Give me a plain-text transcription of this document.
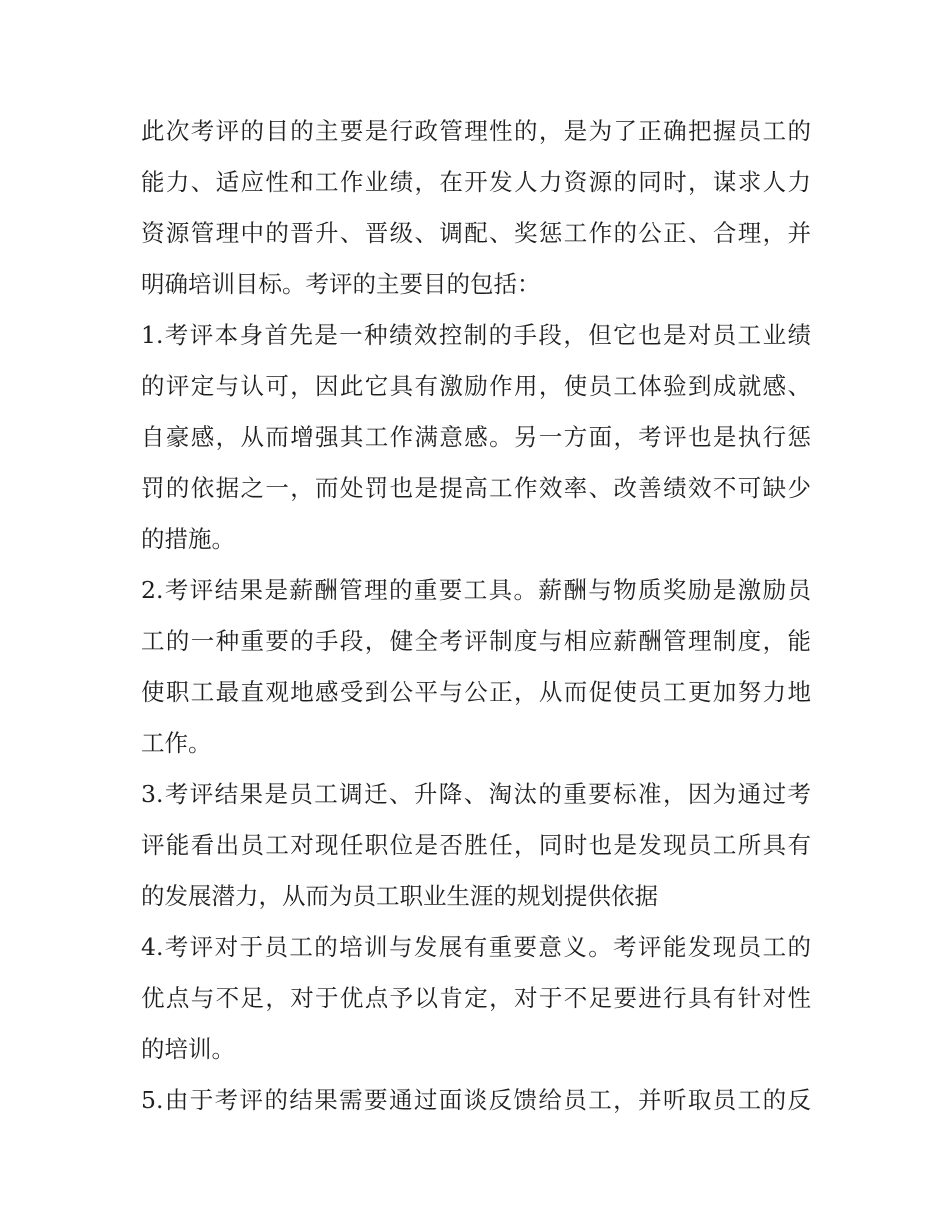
此次考评的目的主要是行政管理性的，是为了正确把握员工的
能力、适应性和工作业绩，在开发人力资源的同时，谋求人力
资源管理中的晋升、晋级、调配、奖惩工作的公正、合理，并
明确培训目标。考评的主要目的包括：
1.考评本身首先是一种绩效控制的手段，但它也是对员工业绩
的评定与认可，因此它具有激励作用，使员工体验到成就感、
自豪感，从而增强其工作满意感。另一方面，考评也是执行惩
罚的依据之一，而处罚也是提高工作效率、改善绩效不可缺少
的措施。
2.考评结果是薪酬管理的重要工具。薪酬与物质奖励是激励员
工的一种重要的手段，健全考评制度与相应薪酬管理制度，能
使职工最直观地感受到公平与公正，从而促使员工更加努力地
工作。
3.考评结果是员工调迁、升降、淘汰的重要标准，因为通过考
评能看出员工对现任职位是否胜任，同时也是发现员工所具有
的发展潜力，从而为员工职业生涯的规划提供依据
4.考评对于员工的培训与发展有重要意义。考评能发现员工的
优点与不足，对于优点予以肯定，对于不足要进行具有针对性
的培训。
5.由于考评的结果需要通过面谈反馈给员工，并听取员工的反
